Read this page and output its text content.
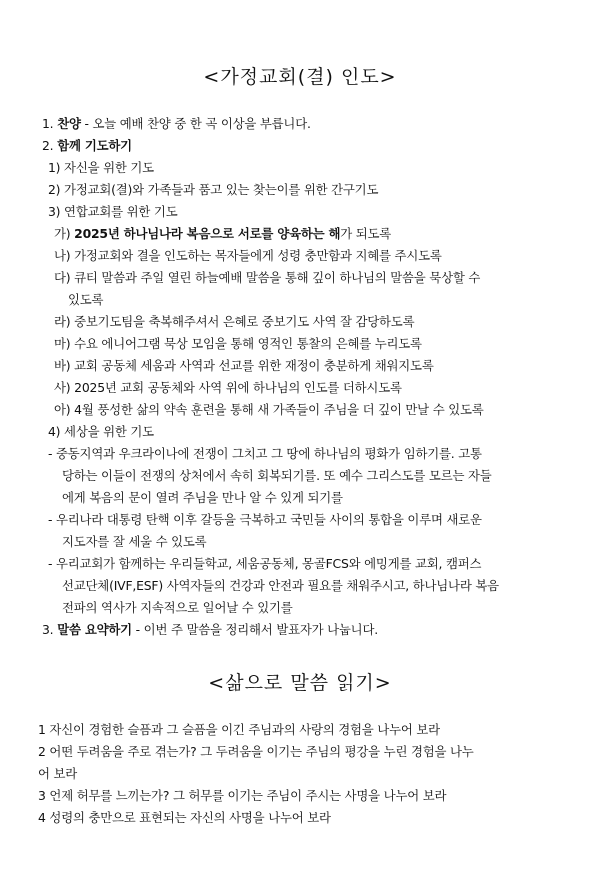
<가정교회(결) 인도>
1. 찬양 - 오늘 예배 찬양 중 한 곡 이상을 부릅니다.
2. 함께 기도하기
1) 자신을 위한 기도
2) 가정교회(결)와 가족들과 품고 있는 찾는이를 위한 간구기도
3) 연합교회를 위한 기도
가) 2025년 하나님나라 복음으로 서로를 양육하는 해가 되도록
나) 가정교회와 결을 인도하는 목자들에게 성령 충만함과 지혜를 주시도록
다) 큐티 말씀과 주일 열린 하늘예배 말씀을 통해 깊이 하나님의 말씀을 묵상할 수
있도록
라) 중보기도팀을 축복해주셔서 은혜로 중보기도 사역 잘 감당하도록
마) 수요 에니어그램 묵상 모임을 통해 영적인 통찰의 은혜를 누리도록
바) 교회 공동체 세움과 사역과 선교를 위한 재정이 충분하게 채워지도록
사) 2025년 교회 공동체와 사역 위에 하나님의 인도를 더하시도록
아) 4월 풍성한 삶의 약속 훈련을 통해 새 가족들이 주님을 더 깊이 만날 수 있도록
4) 세상을 위한 기도
- 중동지역과 우크라이나에 전쟁이 그치고 그 땅에 하나님의 평화가 임하기를. 고통
당하는 이들이 전쟁의 상처에서 속히 회복되기를. 또 예수 그리스도를 모르는 자들
에게 복음의 문이 열려 주님을 만나 알 수 있게 되기를
- 우리나라 대통령 탄핵 이후 갈등을 극복하고 국민들 사이의 통합을 이루며 새로운
지도자를 잘 세울 수 있도록
- 우리교회가 함께하는 우리들학교, 세움공동체, 몽골FCS와 에밍게를 교회, 캠퍼스
선교단체(IVF,ESF) 사역자들의 건강과 안전과 필요를 채워주시고, 하나님나라 복음
전파의 역사가 지속적으로 일어날 수 있기를
3. 말씀 요약하기 - 이번 주 말씀을 정리해서 발표자가 나눕니다.
<삶으로 말씀 읽기>
1 자신이 경험한 슬픔과 그 슬픔을 이긴 주님과의 사랑의 경험을 나누어 보라
2 어떤 두려움을 주로 겪는가? 그 두려움을 이기는 주님의 평강을 누린 경험을 나누
어 보라
3 언제 허무를 느끼는가? 그 허무를 이기는 주님이 주시는 사명을 나누어 보라
4 성령의 충만으로 표현되는 자신의 사명을 나누어 보라
